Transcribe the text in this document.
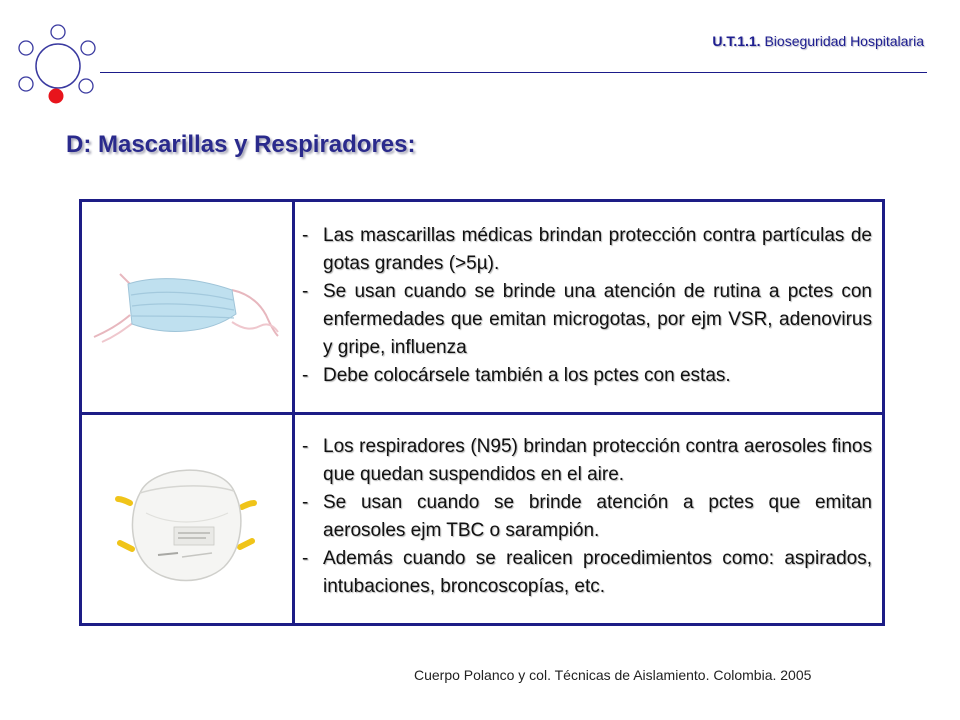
U.T.1.1. Bioseguridad Hospitalaria
D: Mascarillas y Respiradores:

- Las mascarillas médicas brindan protección contra partículas de gotas grandes (>5µ).

- Se usan cuando se brinde una atención de rutina a pctes con enfermedades que emitan microgotas, por ejm VSR, adenovirus y gripe, influenza

- Debe colocársele también a los pctes con estas.

- Los respiradores (N95) brindan protección contra aerosoles finos que quedan suspendidos en el aire.

- Se usan cuando se brinde atención a pctes que emitan aerosoles ejm TBC o sarampión.

- Además cuando se realicen procedimientos como: aspirados, intubaciones, broncoscopías, etc.

Cuerpo Polanco y col. Técnicas de Aislamiento. Colombia. 2005
